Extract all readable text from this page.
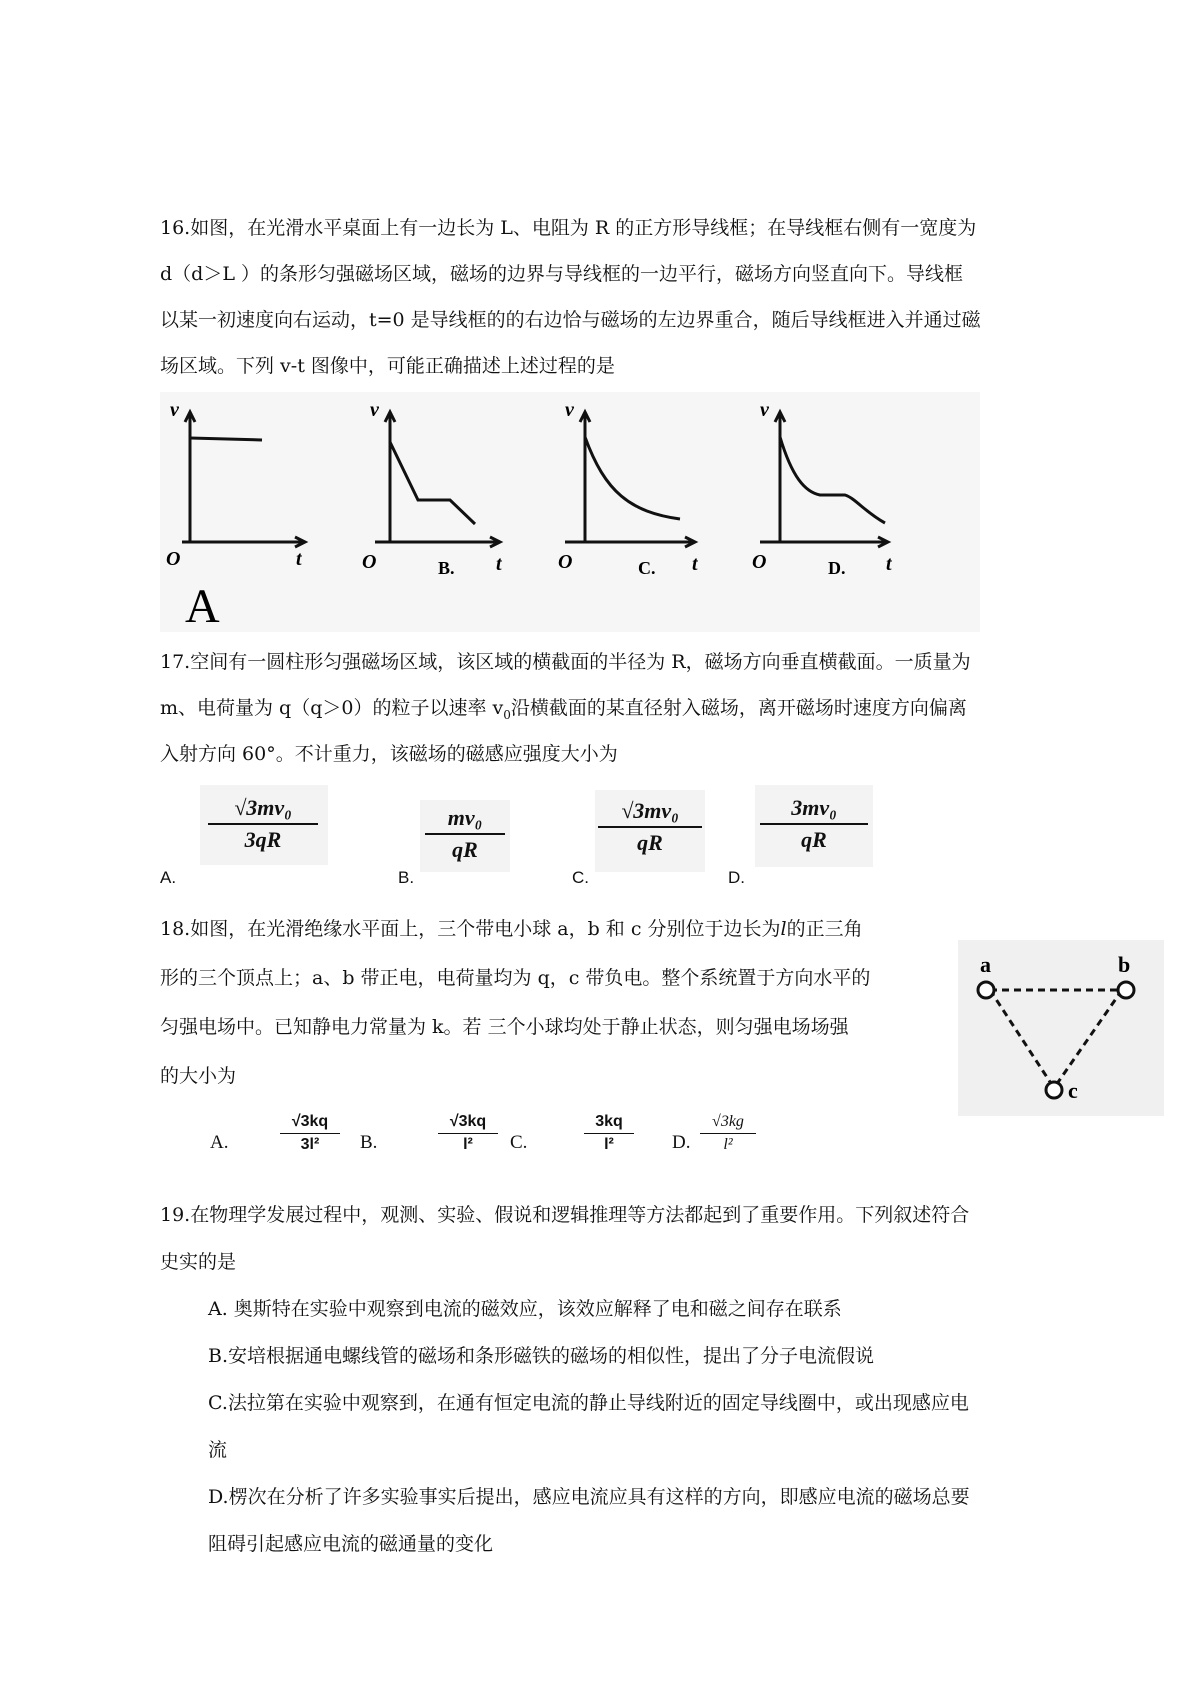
16.如图，在光滑水平桌面上有一边长为 L、电阻为 R 的正方形导线框；在导线框右侧有一宽度为
d（d＞L ）的条形匀强磁场区域，磁场的边界与导线框的一边平行，磁场方向竖直向下。导线框
以某一初速度向右运动，t=0 是导线框的的右边恰与磁场的左边界重合，随后导线框进入并通过磁
场区域。下列 v-t 图像中，可能正确描述上述过程的是
v
t
O
A
v
t
O	B.
v
t
O	C.
v
t
O	D.
17.空间有一圆柱形匀强磁场区域，该区域的横截面的半径为 R，磁场方向垂直横截面。一质量为
m、电荷量为 q（q＞0）的粒子以速率 $v_0$沿横截面的某直径射入磁场，离开磁场时速度方向偏离
入射方向 60°。不计重力，该磁场的磁感应强度大小为
√3mv₀
3qR
A.
mv₀
qR
B.
√3mv₀
qR
C.
3mv₀
qR
D.
18.如图，在光滑绝缘水平面上，三个带电小球 a，b 和 c 分别位于边长为l的正三角
形的三个顶点上；a、b 带正电，电荷量均为 q，c 带负电。整个系统置于方向水平的
匀强电场中。已知静电力常量为 k。若 三个小球均处于静止状态，则匀强电场场强
的大小为
a	b
c
A.
√3kq
3l²	B.
√3kq
l²	C.
3kq
l²	D.
√3kg
l²
19.在物理学发展过程中，观测、实验、假说和逻辑推理等方法都起到了重要作用。下列叙述符合
史实的是
A. 奥斯特在实验中观察到电流的磁效应，该效应解释了电和磁之间存在联系
B.安培根据通电螺线管的磁场和条形磁铁的磁场的相似性，提出了分子电流假说
C.法拉第在实验中观察到，在通有恒定电流的静止导线附近的固定导线圈中，或出现感应电
流
D.楞次在分析了许多实验事实后提出，感应电流应具有这样的方向，即感应电流的磁场总要
阻碍引起感应电流的磁通量的变化
